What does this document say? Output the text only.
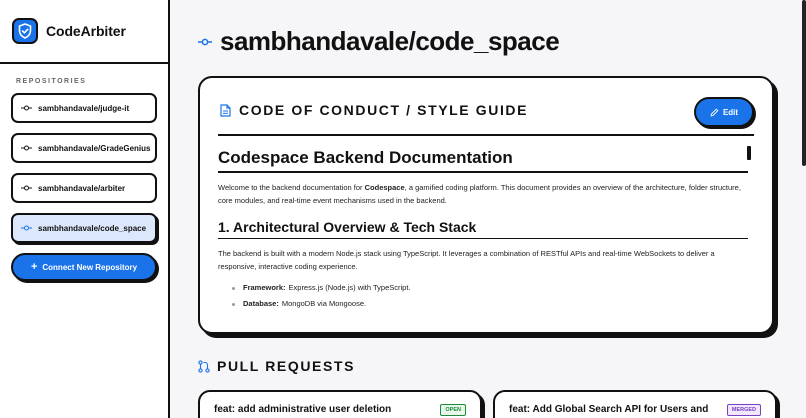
CodeArbiter
REPOSITORIES
sambhandavale/judge-it
sambhandavale/GradeGenius
sambhandavale/arbiter
sambhandavale/code_space
+ Connect New Repository
sambhandavale/code_space
CODE OF CONDUCT / STYLE GUIDE	Edit
Codespace Backend Documentation

Welcome to the backend documentation for Codespace, a gamified coding platform. This document provides an overview of the architecture, folder structure, core modules, and real-time event mechanisms used in the backend.

1. Architectural Overview & Tech Stack

The backend is built with a modern Node.js stack using TypeScript. It leverages a combination of RESTful APIs and real-time WebSockets to deliver a responsive, interactive coding experience.

Framework: Express.js (Node.js) with TypeScript.
Database: MongoDB via Mongoose.
PULL REQUESTS
feat: add administrative user deletion	OPEN	feat: Add Global Search API for Users and	MERGED
